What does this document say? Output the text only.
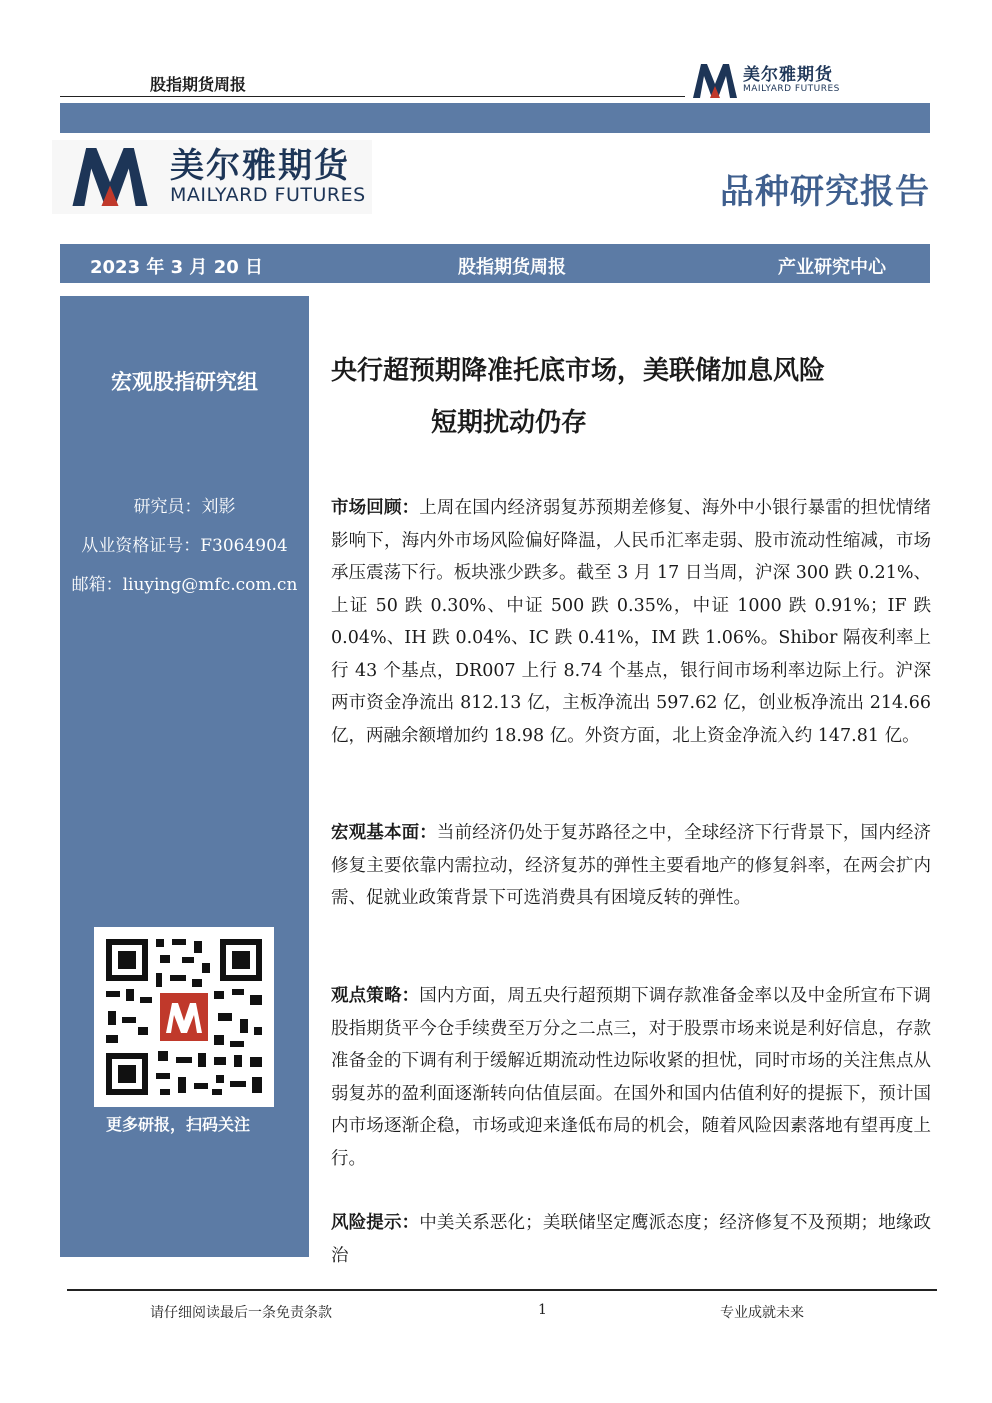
股指期货周报	美尔雅期货
MAILYARD FUTURES
美尔雅期货
MAILYARD FUTURES	品种研究报告
2023 年 3 月 20 日	股指期货周报	产业研究中心
宏观股指研究组
研究员：刘影
从业资格证号：F3064904
邮箱：liuying@mfc.com.cn
更多研报，扫码关注
央行超预期降准托底市场，美联储加息风险
短期扰动仍存
市场回顾：上周在国内经济弱复苏预期差修复、海外中小银行暴雷的担忧情绪影响下，海内外市场风险偏好降温，人民币汇率走弱、股市流动性缩减，市场承压震荡下行。板块涨少跌多。截至 3 月 17 日当周，沪深 300 跌 0.21%、上证 50 跌 0.30%、中证 500 跌 0.35%，中证 1000 跌 0.91%；IF 跌 0.04%、IH 跌 0.04%、IC 跌 0.41%，IM 跌 1.06%。Shibor 隔夜利率上行 43 个基点，DR007 上行 8.74 个基点，银行间市场利率边际上行。沪深两市资金净流出 812.13 亿，主板净流出 597.62 亿，创业板净流出 214.66 亿，两融余额增加约 18.98 亿。外资方面，北上资金净流入约 147.81 亿。
宏观基本面：当前经济仍处于复苏路径之中，全球经济下行背景下，国内经济修复主要依靠内需拉动，经济复苏的弹性主要看地产的修复斜率，在两会扩内需、促就业政策背景下可选消费具有困境反转的弹性。
观点策略：国内方面，周五央行超预期下调存款准备金率以及中金所宣布下调股指期货平今仓手续费至万分之二点三，对于股票市场来说是利好信息，存款准备金的下调有利于缓解近期流动性边际收紧的担忧，同时市场的关注焦点从弱复苏的盈利面逐渐转向估值层面。在国外和国内估值利好的提振下，预计国内市场逐渐企稳，市场或迎来逢低布局的机会，随着风险因素落地有望再度上行。
风险提示：中美关系恶化；美联储坚定鹰派态度；经济修复不及预期；地缘政治
请仔细阅读最后一条免责条款	1	专业成就未来
